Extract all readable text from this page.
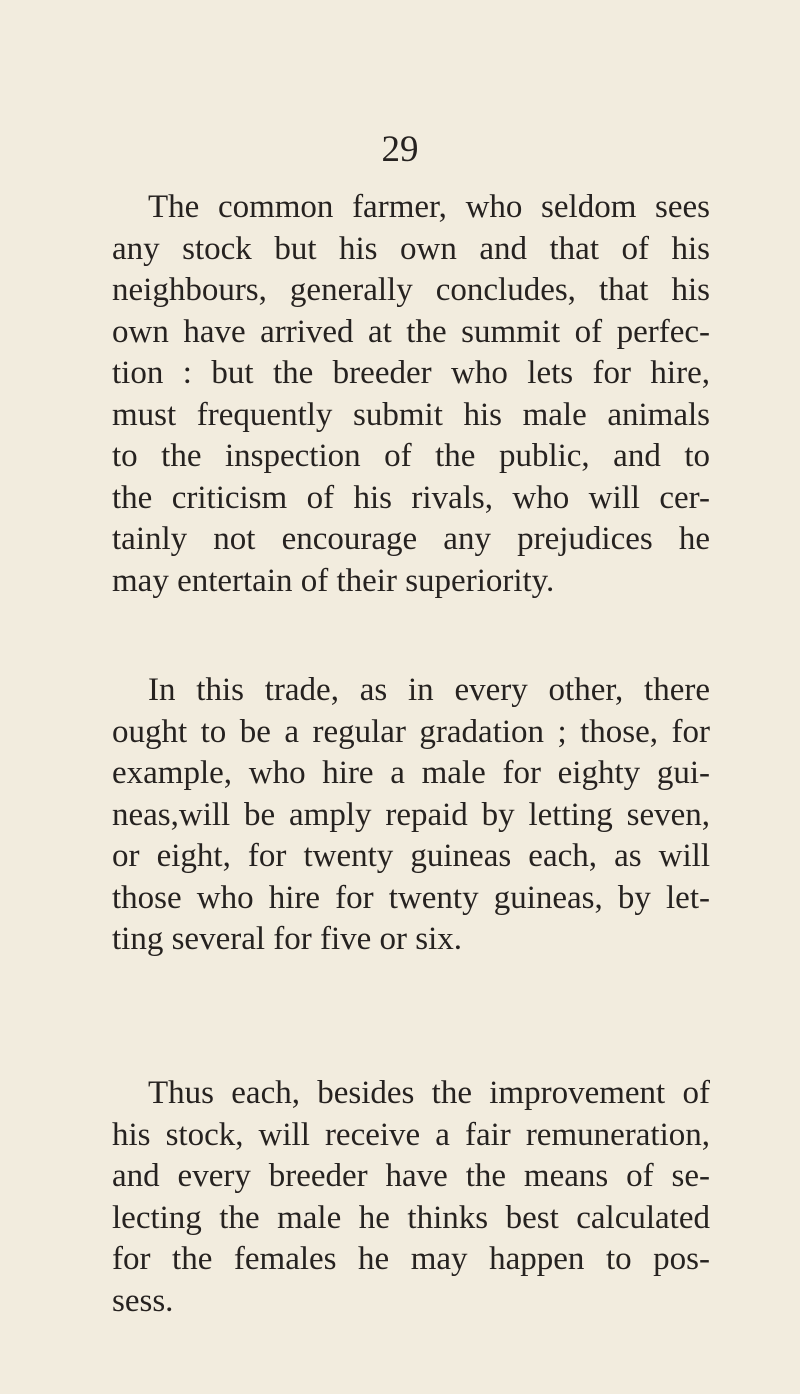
29

The common farmer, who seldom sees
any stock but his own and that of his
neighbours, generally concludes, that his
own have arrived at the summit of perfec-
tion : but the breeder who lets for hire,
must frequently submit his male animals
to the inspection of the public, and to
the criticism of his rivals, who will cer-
tainly not encourage any prejudices he
may entertain of their superiority.

In this trade, as in every other, there
ought to be a regular gradation ; those, for
example, who hire a male for eighty gui-
neas,will be amply repaid by letting seven,
or eight, for twenty guineas each, as will
those who hire for twenty guineas, by let-
ting several for five or six.

Thus each, besides the improvement of
his stock, will receive a fair remuneration,
and every breeder have the means of se-
lecting the male he thinks best calculated
for the females he may happen to pos-
sess.
